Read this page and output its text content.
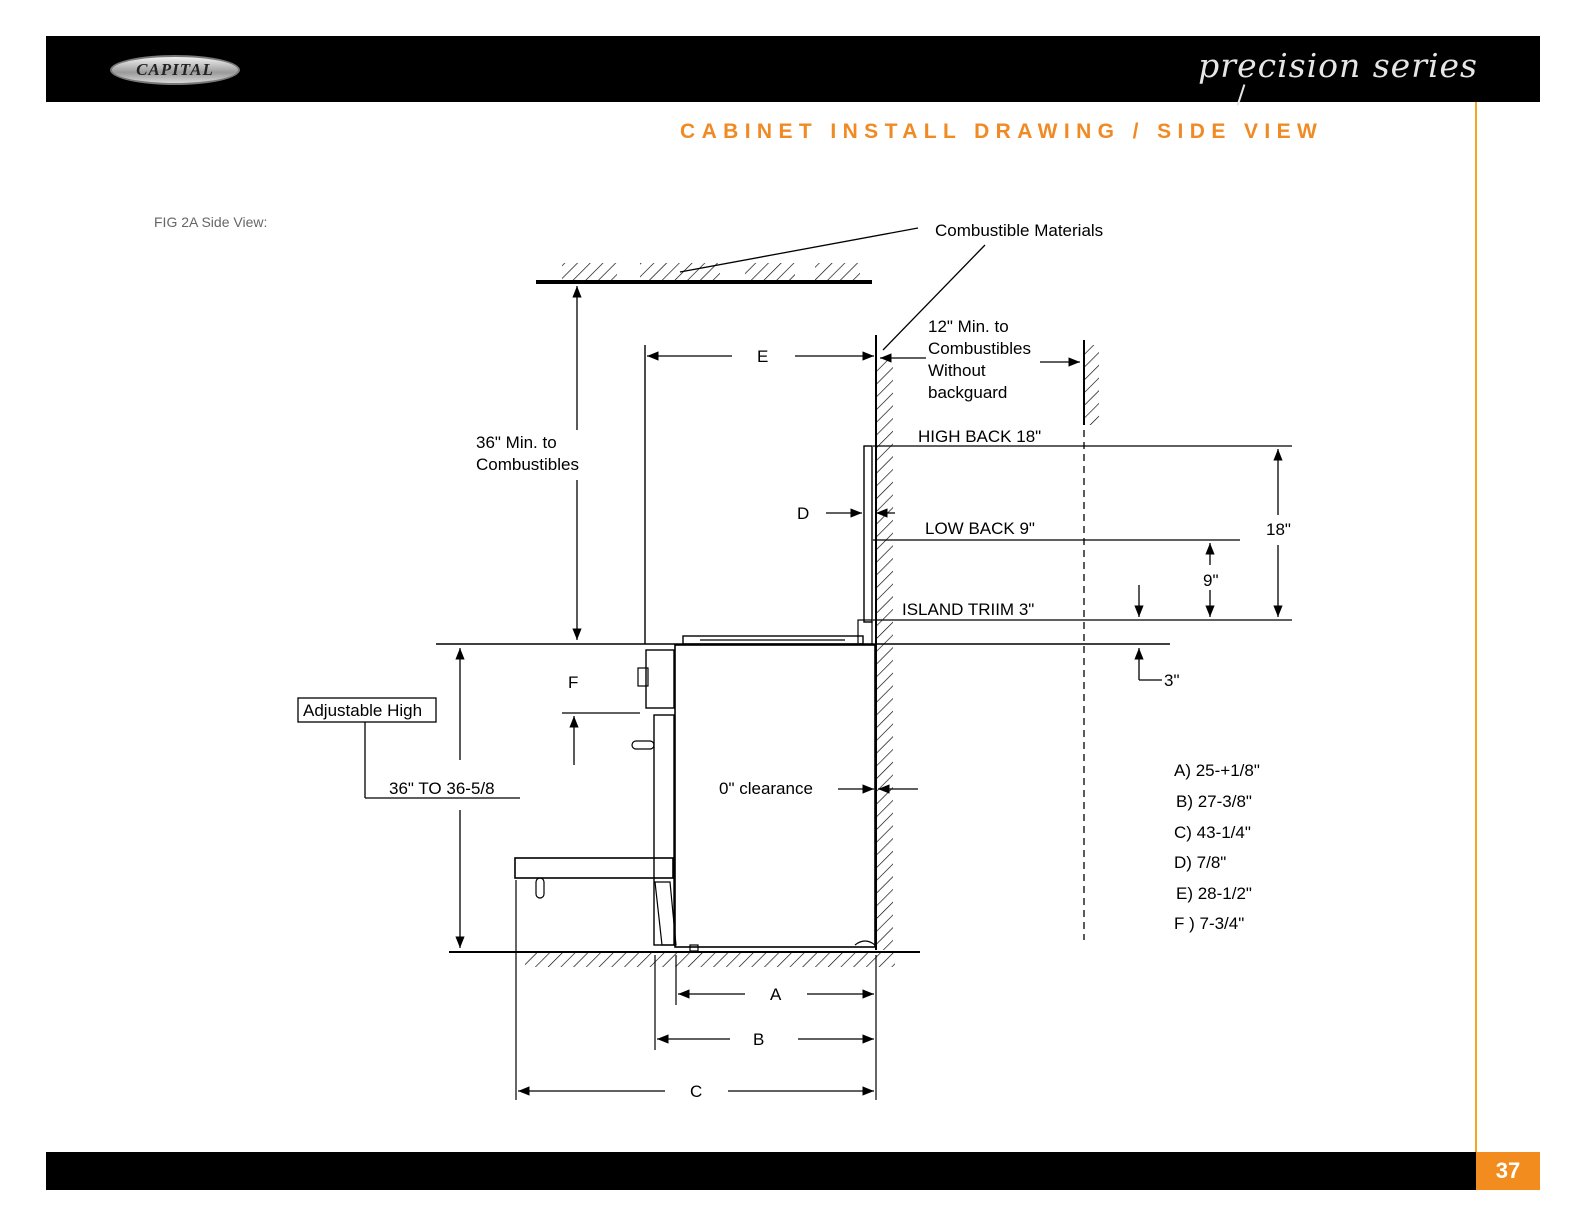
CAPITAL	precision series
CABINET INSTALL DRAWING / SIDE VIEW
FIG 2A Side View:	Combustible Materials
E
12" Min. to
Combustibles
Without
backguard
36" Min. to
Combustibles
HIGH BACK 18"
LOW BACK 9"
ISLAND TRIIM 3"
D
18"
9"
3"
F
Adjustable High
36" TO 36-5/8	0" clearance
A
B
C
A) 25-+1/8"
B) 27-3/8"
C) 43-1/4"
D) 7/8"
E) 28-1/2"
F ) 7-3/4"
37
